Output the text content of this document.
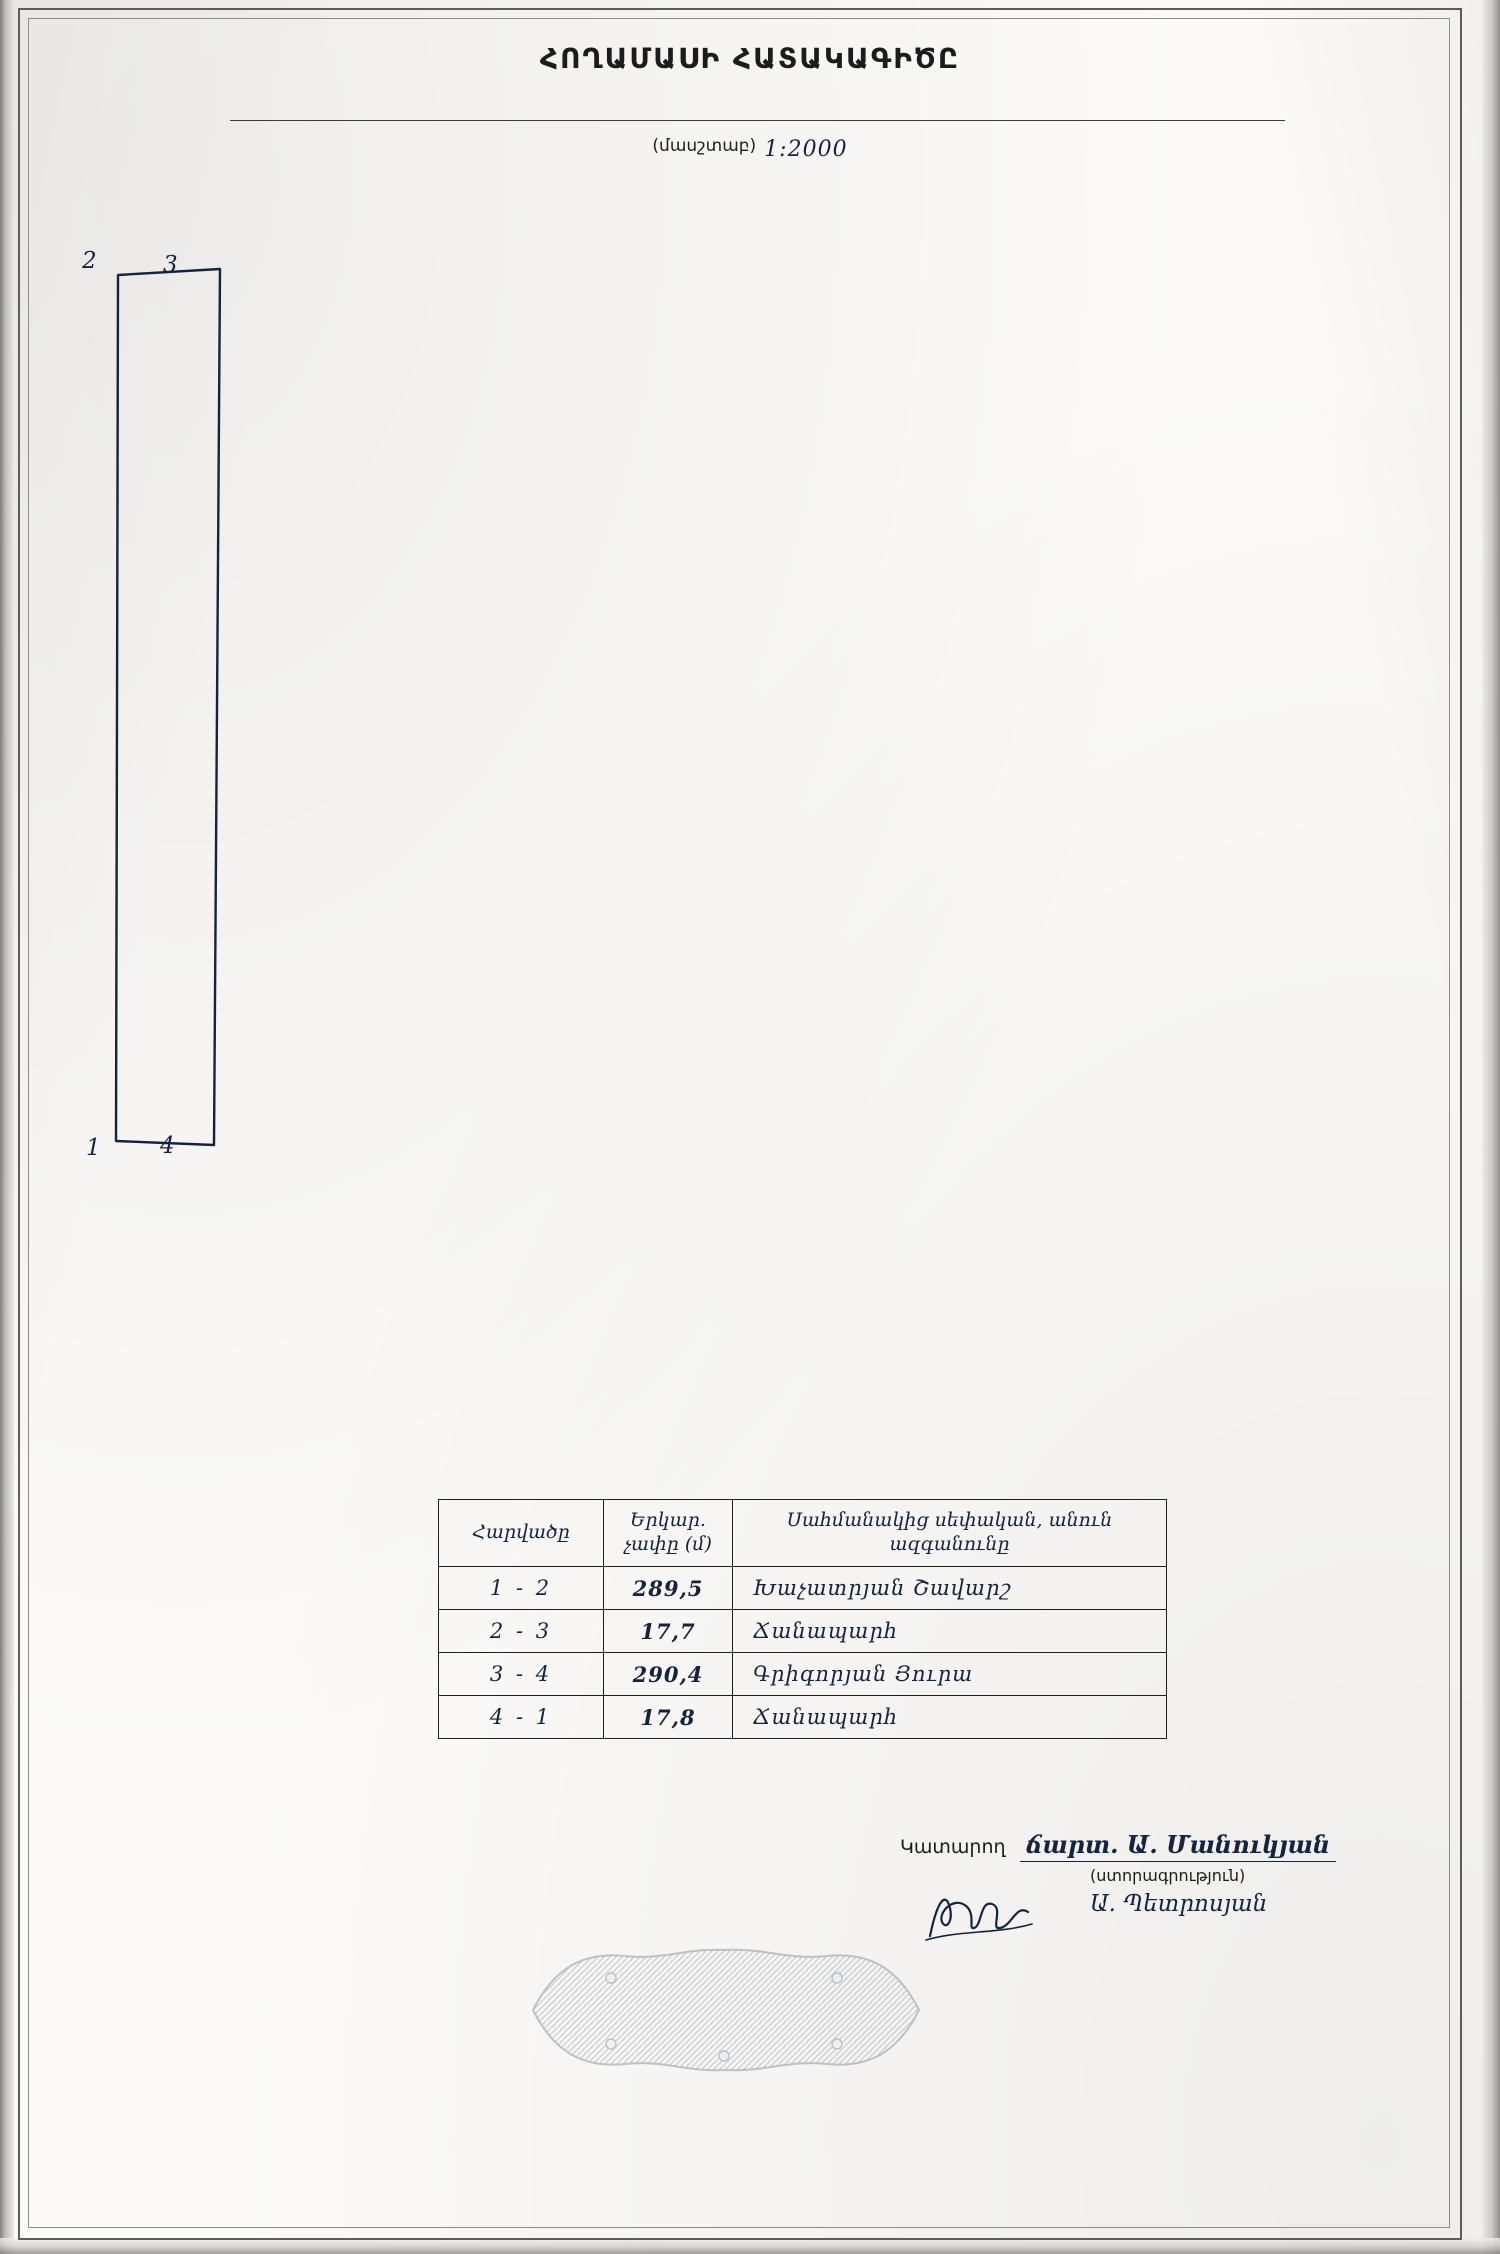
ՀՈՂԱՄԱՍԻ ՀԱՏԱԿԱԳԻԾԸ
(մասշտաբ) 1:2000
2	3
1	4
Հարվածը	Երկար. չափը (մ)	Սահմանակից սեփական, անուն ազգանունը

1 - 2	289,5	Խաչատրյան Շավարշ

2 - 3	17,7	Ճանապարհ

3 - 4	290,4	Գրիգորյան Յուրա

4 - 1	17,8	Ճանապարհ
Կատարող ճարտ. Ա. Մանուկյան
(ստորագրություն)
Ա. Պետրոսյան
